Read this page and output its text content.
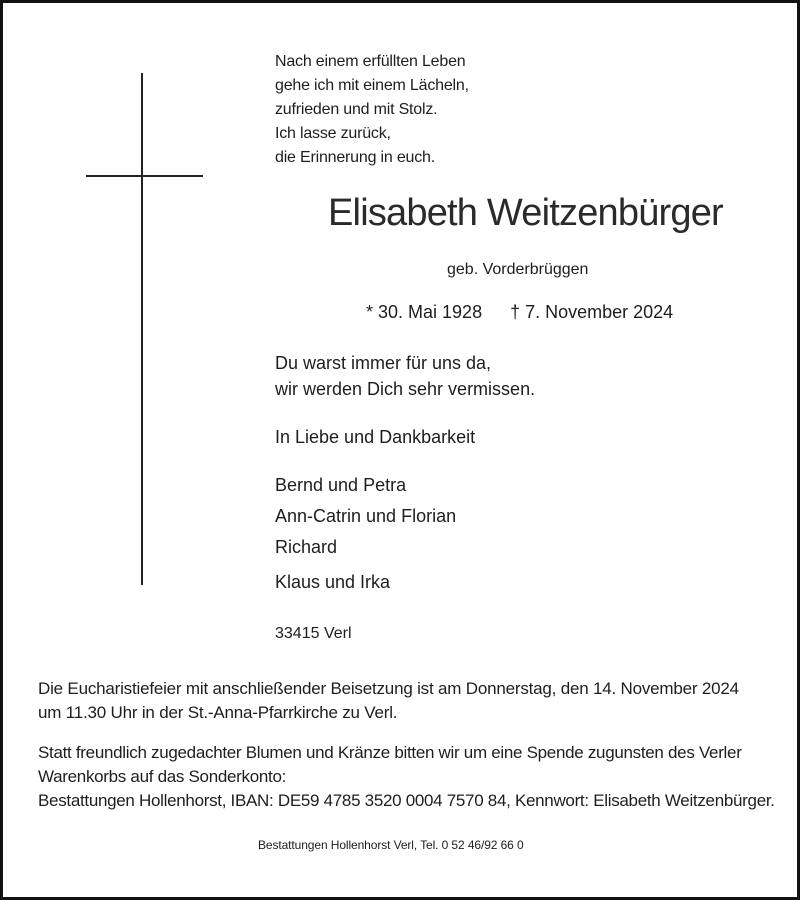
Nach einem erfüllten Leben
gehe ich mit einem Lächeln,
zufrieden und mit Stolz.
Ich lasse zurück,
die Erinnerung in euch.
Elisabeth Weitzenbürger
geb. Vorderbrüggen
* 30. Mai 1928 † 7. November 2024
Du warst immer für uns da,
wir werden Dich sehr vermissen.
In Liebe und Dankbarkeit
Bernd und Petra
Ann-Catrin und Florian
Richard
Klaus und Irka
33415 Verl
Die Eucharistiefeier mit anschließender Beisetzung ist am Donnerstag, den 14. November 2024
um 11.30 Uhr in der St.-Anna-Pfarrkirche zu Verl.
Statt freundlich zugedachter Blumen und Kränze bitten wir um eine Spende zugunsten des Verler
Warenkorbs auf das Sonderkonto:
Bestattungen Hollenhorst, IBAN: DE59 4785 3520 0004 7570 84, Kennwort: Elisabeth Weitzenbürger.
Bestattungen Hollenhorst Verl, Tel. 0 52 46/92 66 0
